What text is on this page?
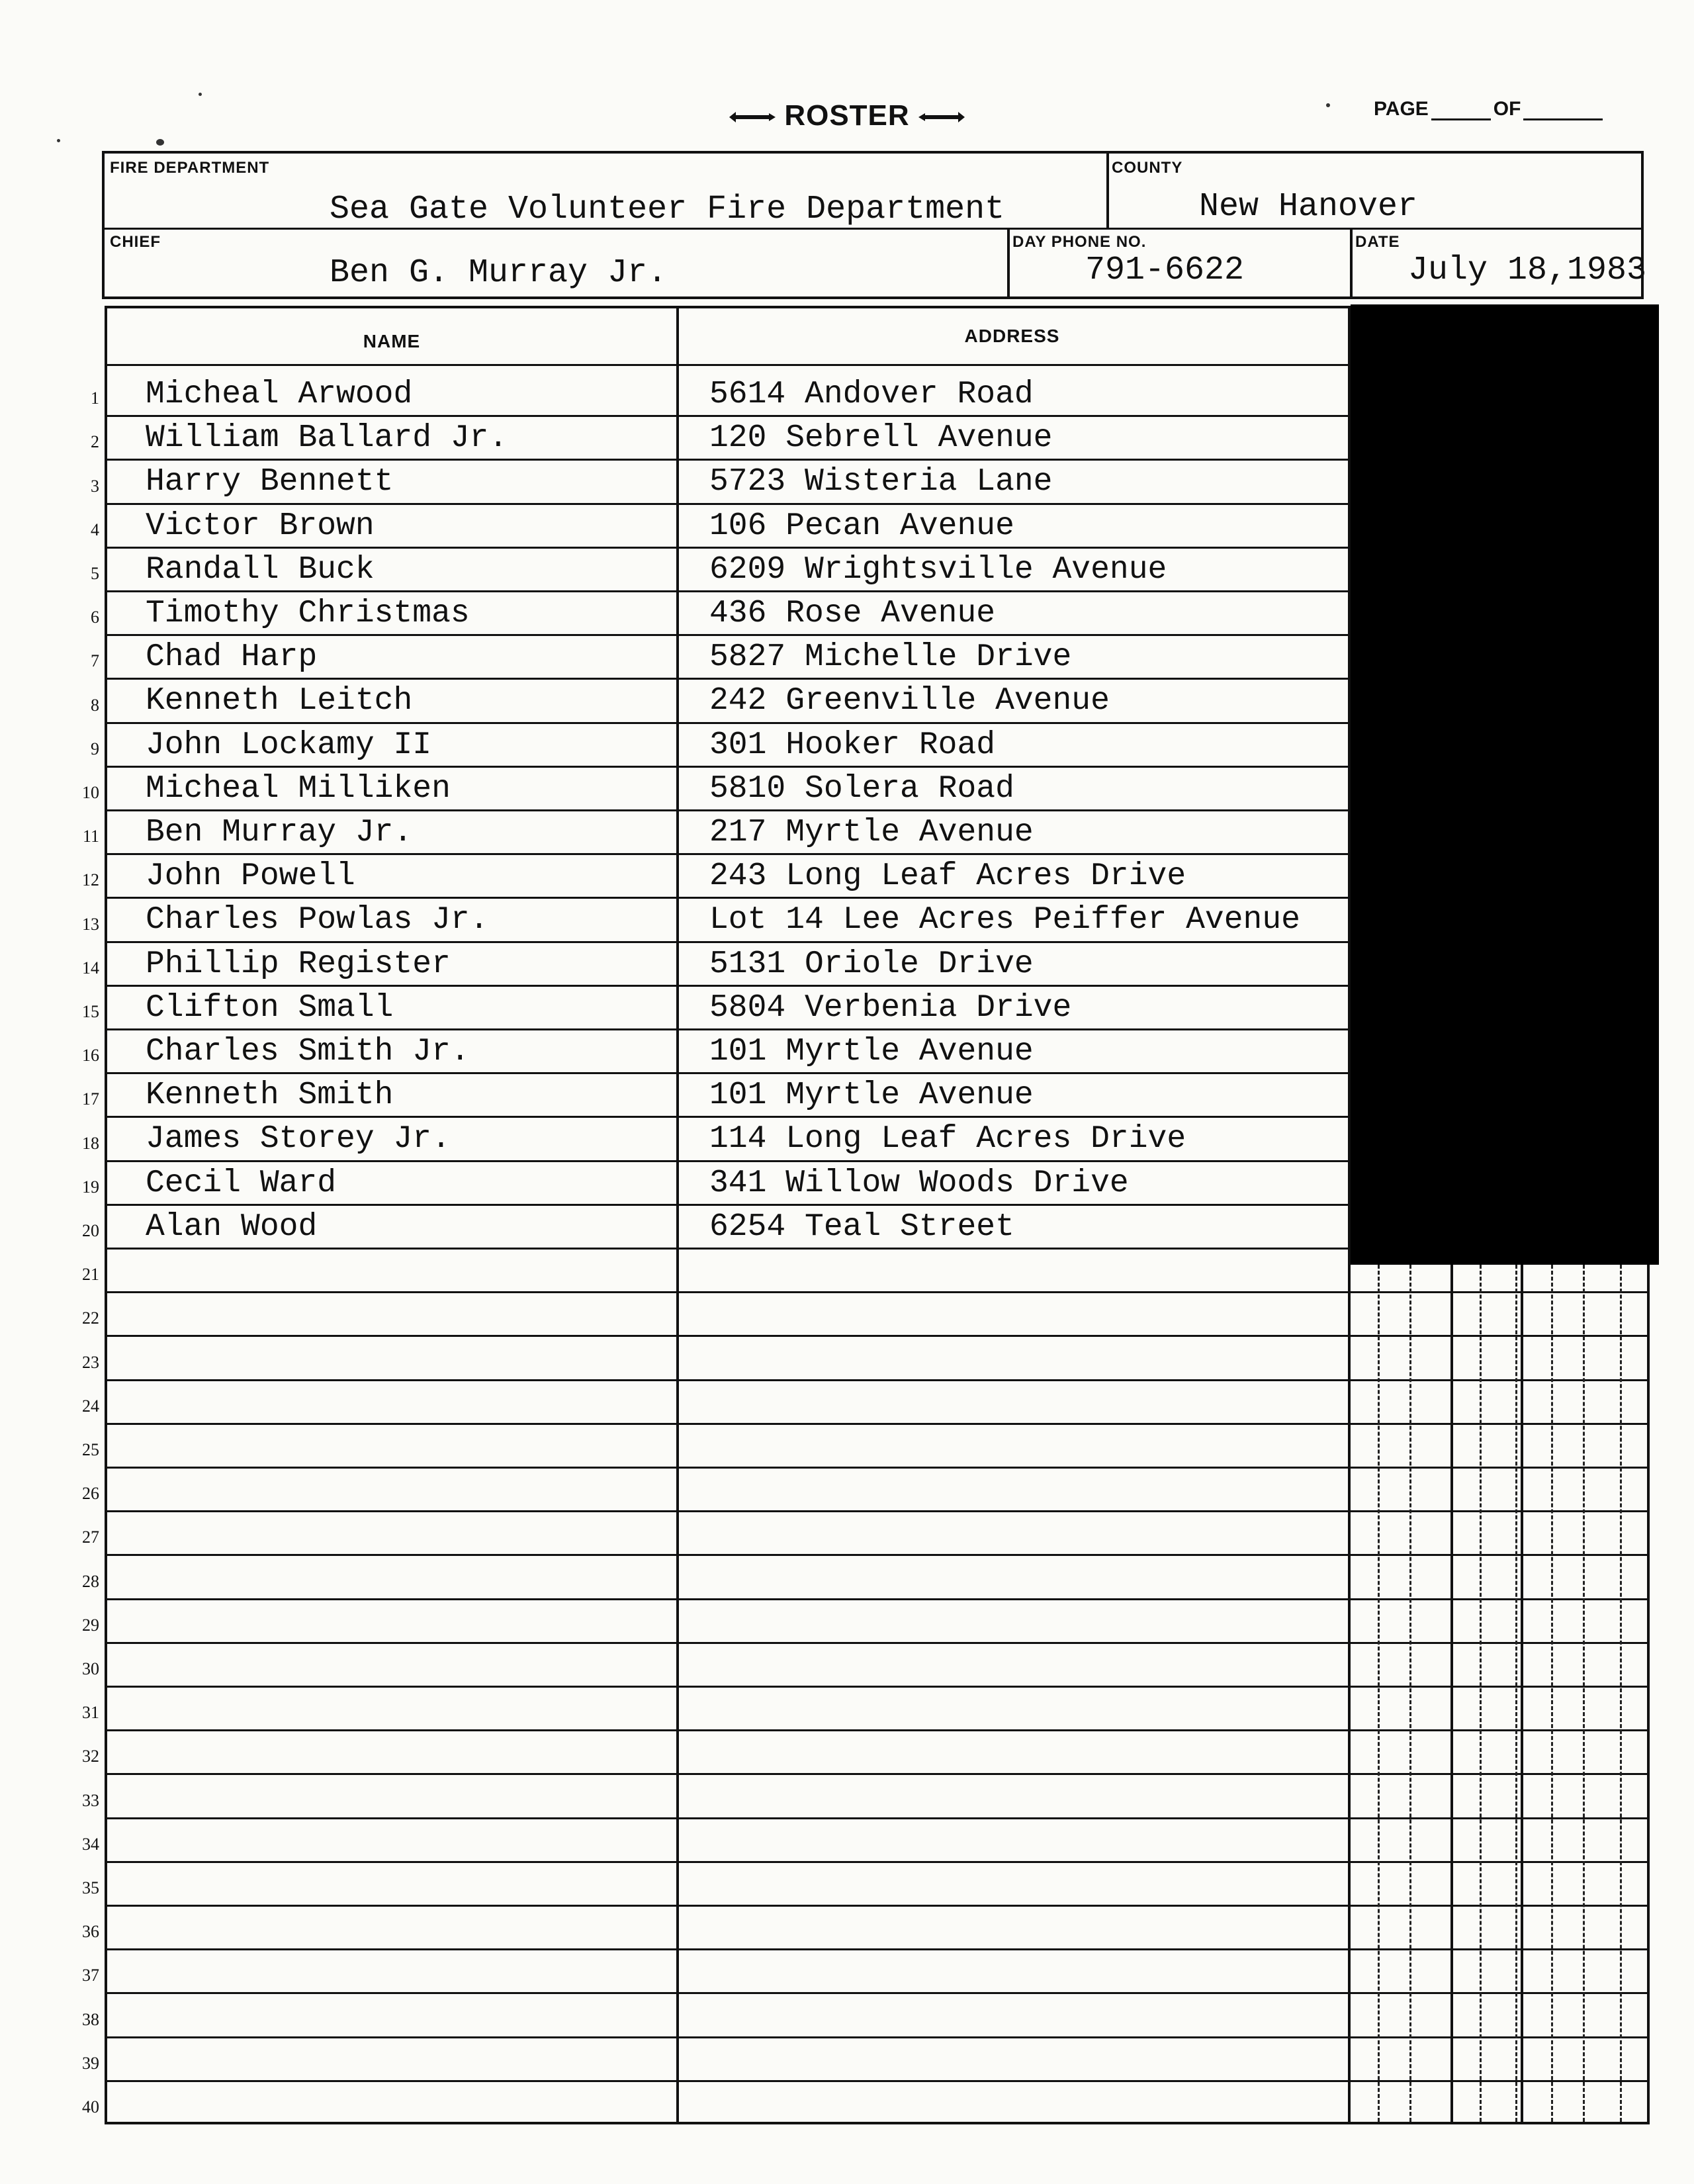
ROSTER	PAGE	OF
FIRE DEPARTMENT
Sea Gate Volunteer Fire Department
COUNTY
New Hanover
CHIEF
Ben G. Murray Jr.
DAY PHONE NO.
791-6622
DATE
July 18,1983
NAME	ADDRESS
1 Micheal Arwood	5614 Andover Road
2 William Ballard Jr.	120 Sebrell Avenue
3 Harry Bennett	5723 Wisteria Lane
4 Victor Brown	106 Pecan Avenue
5 Randall Buck	6209 Wrightsville Avenue
6 Timothy Christmas	436 Rose Avenue
7 Chad Harp	5827 Michelle Drive
8 Kenneth Leitch	242 Greenville Avenue
9 John Lockamy II	301 Hooker Road
10 Micheal Milliken	5810 Solera Road
11 Ben Murray Jr.	217 Myrtle Avenue
12 John Powell	243 Long Leaf Acres Drive
13 Charles Powlas Jr.	Lot 14 Lee Acres Peiffer Avenue
14 Phillip Register	5131 Oriole Drive
15 Clifton Small	5804 Verbenia Drive
16 Charles Smith Jr.	101 Myrtle Avenue
17 Kenneth Smith	101 Myrtle Avenue
18 James Storey Jr.	114 Long Leaf Acres Drive
19 Cecil Ward	341 Willow Woods Drive
20 Alan Wood	6254 Teal Street
21
22
23
24
25
26
27
28
29
30
31
32
33
34
35
36
37
38
39
40
